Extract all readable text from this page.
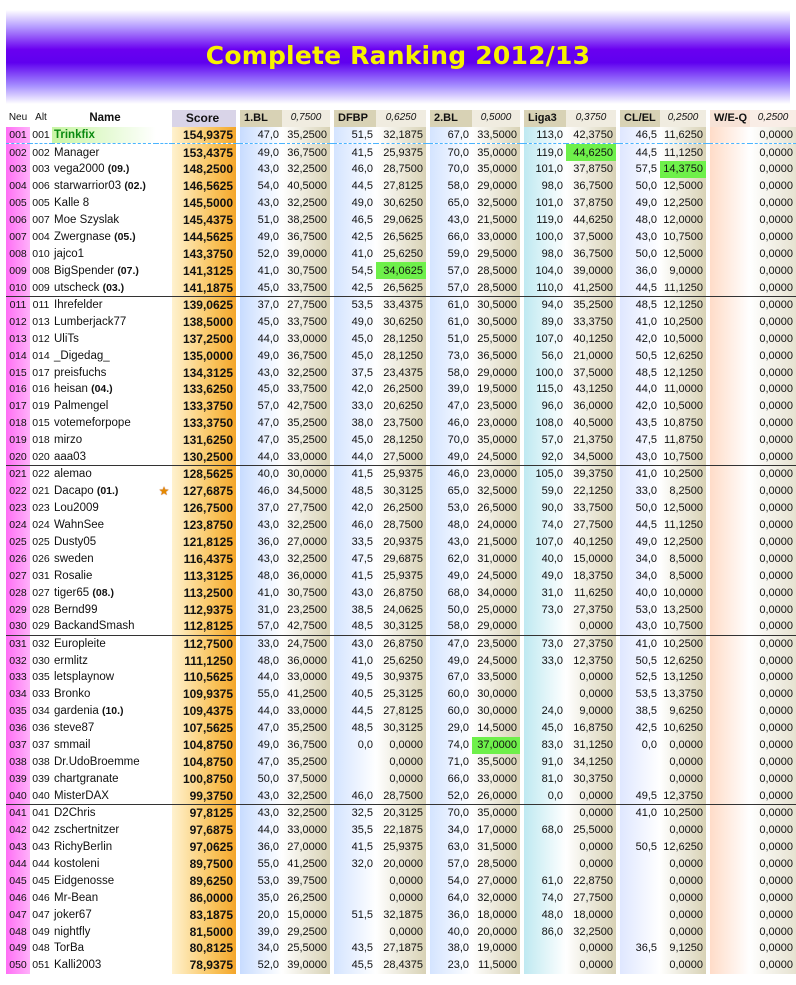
Complete Ranking 2012/13
Neu	Alt	Name		Score		1.BL	0,7500		DFBP	0,6250		2.BL	0,5000		Liga3	0,3750		CL/EL	0,2500		W/E-Q	0,2500
001	001	Trinkfix		154,9375		47,0	35,2500		51,5	32,1875		67,0	33,5000		113,0	42,3750		46,5	11,6250			0,0000
002	002	Manager		153,4375		49,0	36,7500		41,5	25,9375		70,0	35,0000		119,0	44,6250		44,5	11,1250			0,0000
003	003	vega2000 (09.)		148,2500		43,0	32,2500		46,0	28,7500		70,0	35,0000		101,0	37,8750		57,5	14,3750			0,0000
004	006	starwarrior03 (02.)		146,5625		54,0	40,5000		44,5	27,8125		58,0	29,0000		98,0	36,7500		50,0	12,5000			0,0000
005	005	Kalle 8		145,5000		43,0	32,2500		49,0	30,6250		65,0	32,5000		101,0	37,8750		49,0	12,2500			0,0000
006	007	Moe Szyslak		145,4375		51,0	38,2500		46,5	29,0625		43,0	21,5000		119,0	44,6250		48,0	12,0000			0,0000
007	004	Zwergnase (05.)		144,5625		49,0	36,7500		42,5	26,5625		66,0	33,0000		100,0	37,5000		43,0	10,7500			0,0000
008	010	jajco1		143,3750		52,0	39,0000		41,0	25,6250		59,0	29,5000		98,0	36,7500		50,0	12,5000			0,0000
009	008	BigSpender (07.)		141,3125		41,0	30,7500		54,5	34,0625		57,0	28,5000		104,0	39,0000		36,0	9,0000			0,0000
010	009	utscheck (03.)		141,1875		45,0	33,7500		42,5	26,5625		57,0	28,5000		110,0	41,2500		44,5	11,1250			0,0000
011	011	Ihrefelder		139,0625		37,0	27,7500		53,5	33,4375		61,0	30,5000		94,0	35,2500		48,5	12,1250			0,0000
012	013	Lumberjack77		138,5000		45,0	33,7500		49,0	30,6250		61,0	30,5000		89,0	33,3750		41,0	10,2500			0,0000
013	012	UliTs		137,2500		44,0	33,0000		45,0	28,1250		51,0	25,5000		107,0	40,1250		42,0	10,5000			0,0000
014	014	_Digedag_		135,0000		49,0	36,7500		45,0	28,1250		73,0	36,5000		56,0	21,0000		50,5	12,6250			0,0000
015	017	preisfuchs		134,3125		43,0	32,2500		37,5	23,4375		58,0	29,0000		100,0	37,5000		48,5	12,1250			0,0000
016	016	heisan (04.)		133,6250		45,0	33,7500		42,0	26,2500		39,0	19,5000		115,0	43,1250		44,0	11,0000			0,0000
017	019	Palmengel		133,3750		57,0	42,7500		33,0	20,6250		47,0	23,5000		96,0	36,0000		42,0	10,5000			0,0000
018	015	votemeforpope		133,3750		47,0	35,2500		38,0	23,7500		46,0	23,0000		108,0	40,5000		43,5	10,8750			0,0000
019	018	mirzo		131,6250		47,0	35,2500		45,0	28,1250		70,0	35,0000		57,0	21,3750		47,5	11,8750			0,0000
020	020	aaa03		130,2500		44,0	33,0000		44,0	27,5000		49,0	24,5000		92,0	34,5000		43,0	10,7500			0,0000
021	022	alemao		128,5625		40,0	30,0000		41,5	25,9375		46,0	23,0000		105,0	39,3750		41,0	10,2500			0,0000
022	021	Dacapo (01.)	★	127,6875		46,0	34,5000		48,5	30,3125		65,0	32,5000		59,0	22,1250		33,0	8,2500			0,0000
023	023	Lou2009		126,7500		37,0	27,7500		42,0	26,2500		53,0	26,5000		90,0	33,7500		50,0	12,5000			0,0000
024	024	WahnSee		123,8750		43,0	32,2500		46,0	28,7500		48,0	24,0000		74,0	27,7500		44,5	11,1250			0,0000
025	025	Dusty05		121,8125		36,0	27,0000		33,5	20,9375		43,0	21,5000		107,0	40,1250		49,0	12,2500			0,0000
026	026	sweden		116,4375		43,0	32,2500		47,5	29,6875		62,0	31,0000		40,0	15,0000		34,0	8,5000			0,0000
027	031	Rosalie		113,3125		48,0	36,0000		41,5	25,9375		49,0	24,5000		49,0	18,3750		34,0	8,5000			0,0000
028	027	tiger65 (08.)		113,2500		41,0	30,7500		43,0	26,8750		68,0	34,0000		31,0	11,6250		40,0	10,0000			0,0000
029	028	Bernd99		112,9375		31,0	23,2500		38,5	24,0625		50,0	25,0000		73,0	27,3750		53,0	13,2500			0,0000
030	029	BackandSmash		112,8125		57,0	42,7500		48,5	30,3125		58,0	29,0000			0,0000		43,0	10,7500			0,0000
031	032	Europleite		112,7500		33,0	24,7500		43,0	26,8750		47,0	23,5000		73,0	27,3750		41,0	10,2500			0,0000
032	030	ermlitz		111,1250		48,0	36,0000		41,0	25,6250		49,0	24,5000		33,0	12,3750		50,5	12,6250			0,0000
033	035	letsplaynow		110,5625		44,0	33,0000		49,5	30,9375		67,0	33,5000			0,0000		52,5	13,1250			0,0000
034	033	Bronko		109,9375		55,0	41,2500		40,5	25,3125		60,0	30,0000			0,0000		53,5	13,3750			0,0000
035	034	gardenia (10.)		109,4375		44,0	33,0000		44,5	27,8125		60,0	30,0000		24,0	9,0000		38,5	9,6250			0,0000
036	036	steve87		107,5625		47,0	35,2500		48,5	30,3125		29,0	14,5000		45,0	16,8750		42,5	10,6250			0,0000
037	037	smmail		104,8750		49,0	36,7500		0,0	0,0000		74,0	37,0000		83,0	31,1250		0,0	0,0000			0,0000
038	038	Dr.UdoBroemme		104,8750		47,0	35,2500			0,0000		71,0	35,5000		91,0	34,1250			0,0000			0,0000
039	039	chartgranate		100,8750		50,0	37,5000			0,0000		66,0	33,0000		81,0	30,3750			0,0000			0,0000
040	040	MisterDAX		99,3750		43,0	32,2500		46,0	28,7500		52,0	26,0000		0,0	0,0000		49,5	12,3750			0,0000
041	041	D2Chris		97,8125		43,0	32,2500		32,5	20,3125		70,0	35,0000			0,0000		41,0	10,2500			0,0000
042	042	zschertnitzer		97,6875		44,0	33,0000		35,5	22,1875		34,0	17,0000		68,0	25,5000			0,0000			0,0000
043	043	RichyBerlin		97,0625		36,0	27,0000		41,5	25,9375		63,0	31,5000			0,0000		50,5	12,6250			0,0000
044	044	kostoleni		89,7500		55,0	41,2500		32,0	20,0000		57,0	28,5000			0,0000			0,0000			0,0000
045	045	Eidgenosse		89,6250		53,0	39,7500			0,0000		54,0	27,0000		61,0	22,8750			0,0000			0,0000
046	046	Mr-Bean		86,0000		35,0	26,2500			0,0000		64,0	32,0000		74,0	27,7500			0,0000			0,0000
047	047	joker67		83,1875		20,0	15,0000		51,5	32,1875		36,0	18,0000		48,0	18,0000			0,0000			0,0000
048	049	nightfly		81,5000		39,0	29,2500			0,0000		40,0	20,0000		86,0	32,2500			0,0000			0,0000
049	048	TorBa		80,8125		34,0	25,5000		43,5	27,1875		38,0	19,0000			0,0000		36,5	9,1250			0,0000
050	051	Kalli2003		78,9375		52,0	39,0000		45,5	28,4375		23,0	11,5000			0,0000			0,0000			0,0000
